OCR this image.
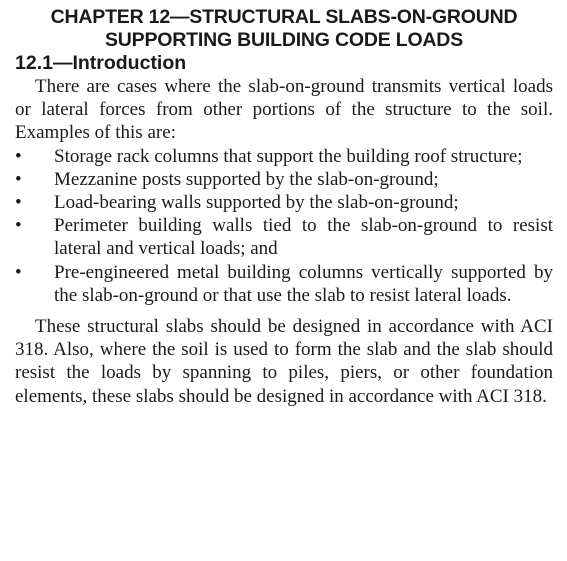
CHAPTER 12—STRUCTURAL SLABS-ON-GROUND
SUPPORTING BUILDING CODE LOADS
12.1—Introduction

There are cases where the slab-on-ground transmits vertical loads or lateral forces from other portions of the structure to the soil. Examples of this are:

• Storage rack columns that support the building roof structure;
• Mezzanine posts supported by the slab-on-ground;
• Load-bearing walls supported by the slab-on-ground;
• Perimeter building walls tied to the slab-on-ground to resist lateral and vertical loads; and
• Pre-engineered metal building columns vertically supported by the slab-on-ground or that use the slab to resist lateral loads.

These structural slabs should be designed in accordance with ACI 318. Also, where the soil is used to form the slab and the slab should resist the loads by spanning to piles, piers, or other foundation elements, these slabs should be designed in accordance with ACI 318.
